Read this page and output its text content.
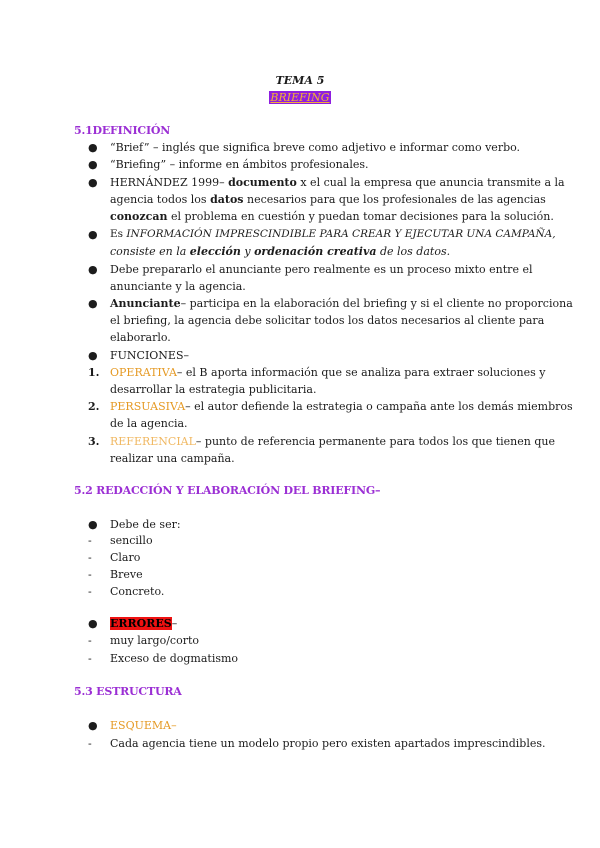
TEMA 5
BRIEFING
5.1DEFINICIÓN
● “Brief” – inglés que significa breve como adjetivo e informar como verbo.
● “Briefing” – informe en ámbitos profesionales.
● HERNÁNDEZ 1999– documento x el cual la empresa que anuncia transmite a la
agencia todos los datos necesarios para que los profesionales de las agencias
conozcan el problema en cuestión y puedan tomar decisiones para la solución.
● Es INFORMACIÓN IMPRESCINDIBLE PARA CREAR Y EJECUTAR UNA CAMPAÑA,
consiste en la elección y ordenación creativa de los datos.
● Debe prepararlo el anunciante pero realmente es un proceso mixto entre el
anunciante y la agencia.
● Anunciante– participa en la elaboración del briefing y si el cliente no proporciona
el briefing, la agencia debe solicitar todos los datos necesarios al cliente para
elaborarlo.
● FUNCIONES–
1. OPERATIVA– el B aporta información que se analiza para extraer soluciones y
desarrollar la estrategia publicitaria.
2. PERSUASIVA– el autor defiende la estrategia o campaña ante los demás miembros
de la agencia.
3. REFERENCIAL– punto de referencia permanente para todos los que tienen que
realizar una campaña.
5.2 REDACCIÓN Y ELABORACIÓN DEL BRIEFING–
● Debe de ser:
- sencillo
- Claro
- Breve
- Concreto.
● ERRORES–
- muy largo/corto
- Exceso de dogmatismo
5.3 ESTRUCTURA
● ESQUEMA–
- Cada agencia tiene un modelo propio pero existen apartados imprescindibles.
